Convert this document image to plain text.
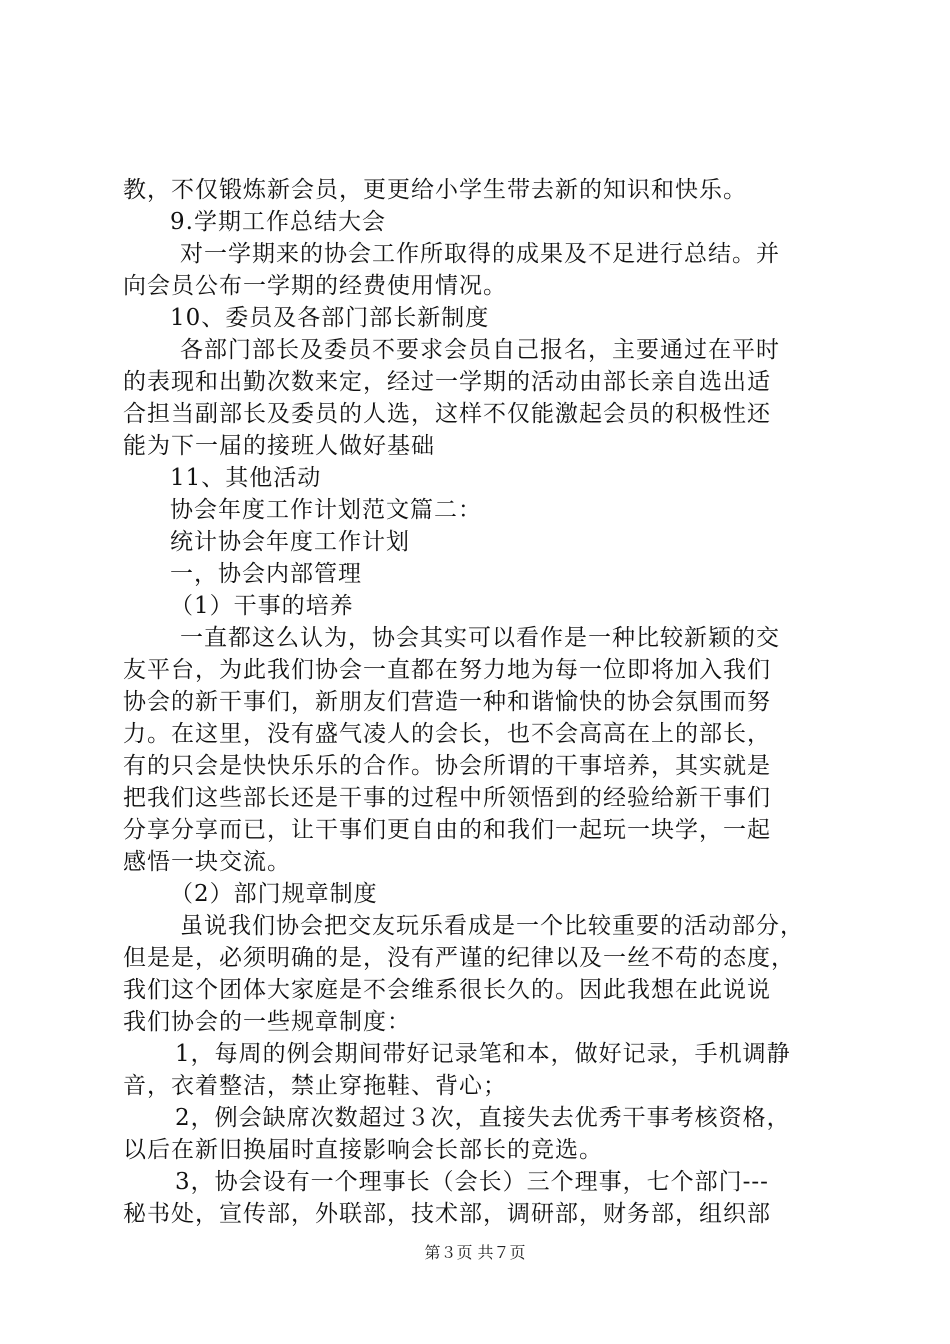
教，不仅锻炼新会员，更更给小学生带去新的知识和快乐。
9.学期工作总结大会
对一学期来的协会工作所取得的成果及不足进行总结。并
向会员公布一学期的经费使用情况。
10、委员及各部门部长新制度
各部门部长及委员不要求会员自己报名，主要通过在平时
的表现和出勤次数来定，经过一学期的活动由部长亲自选出适
合担当副部长及委员的人选，这样不仅能激起会员的积极性还
能为下一届的接班人做好基础
11、其他活动
协会年度工作计划范文篇二：
统计协会年度工作计划
一，协会内部管理
（1）干事的培养
一直都这么认为，协会其实可以看作是一种比较新颖的交
友平台，为此我们协会一直都在努力地为每一位即将加入我们
协会的新干事们，新朋友们营造一种和谐愉快的协会氛围而努
力。在这里，没有盛气凌人的会长，也不会高高在上的部长，
有的只会是快快乐乐的合作。协会所谓的干事培养，其实就是
把我们这些部长还是干事的过程中所领悟到的经验给新干事们
分享分享而已，让干事们更自由的和我们一起玩一块学，一起
感悟一块交流。
（2）部门规章制度
虽说我们协会把交友玩乐看成是一个比较重要的活动部分，
但是是，必须明确的是，没有严谨的纪律以及一丝不苟的态度，
我们这个团体大家庭是不会维系很长久的。因此我想在此说说
我们协会的一些规章制度：
1，每周的例会期间带好记录笔和本，做好记录，手机调静
音，衣着整洁，禁止穿拖鞋、背心；
2，例会缺席次数超过３次，直接失去优秀干事考核资格，
以后在新旧换届时直接影响会长部长的竞选。
3，协会设有一个理事长（会长）三个理事，七个部门---
秘书处，宣传部，外联部，技术部，调研部，财务部，组织部
第３页 共７页
